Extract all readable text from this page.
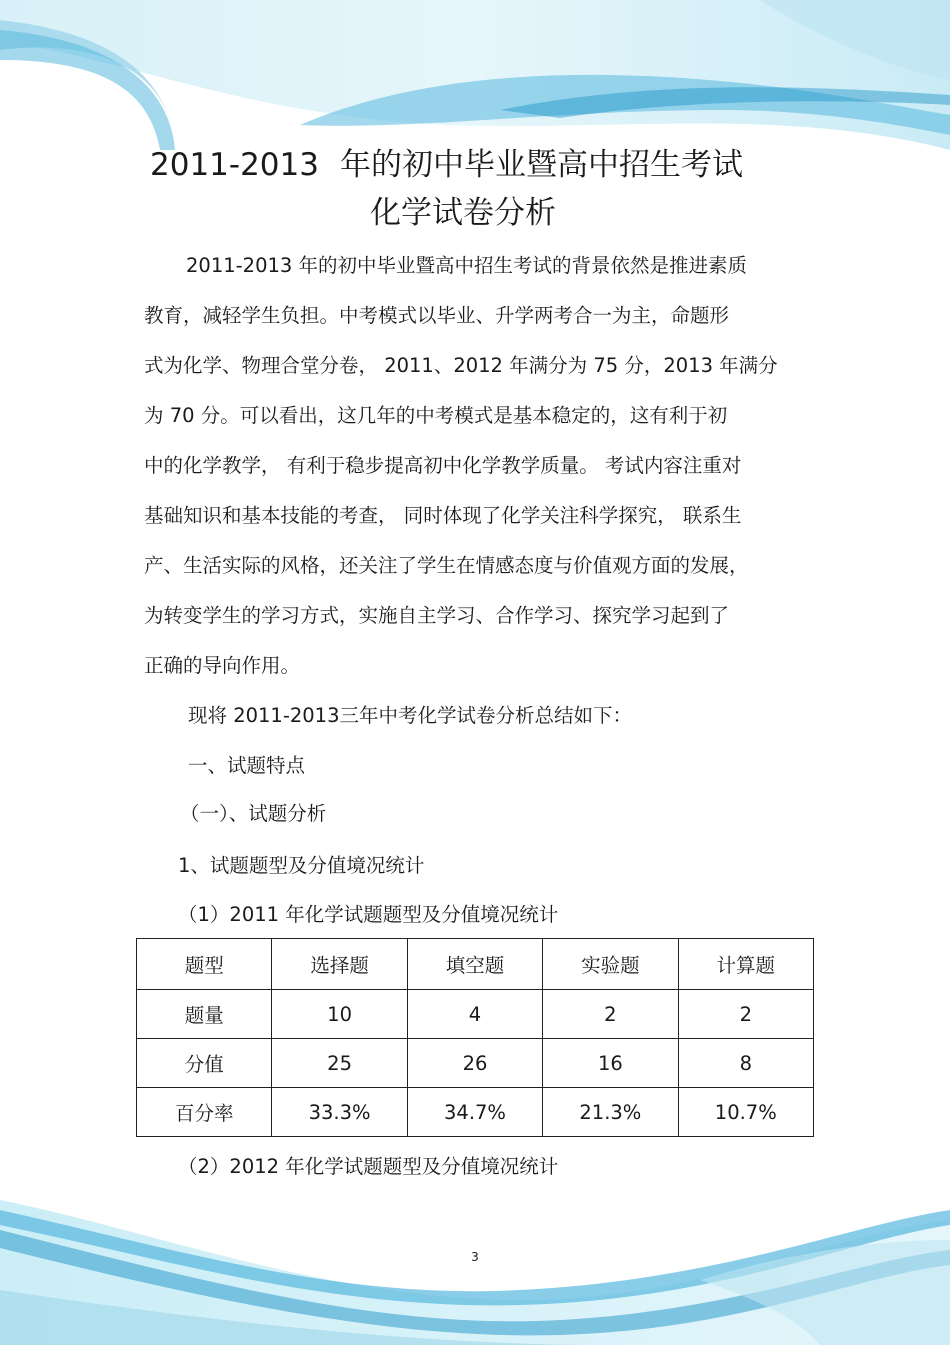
2011-2013 年的初中毕业暨高中招生考试
化学试卷分析
2011-2013 年的初中毕业暨高中招生考试的背景依然是推进素质
教育，减轻学生负担。中考模式以毕业、升学两考合一为主，命题形
式为化学、物理合堂分卷， 2011、2012 年满分为 75 分，2013 年满分
为 70 分。可以看出，这几年的中考模式是基本稳定的，这有利于初
中的化学教学， 有利于稳步提高初中化学教学质量。 考试内容注重对
基础知识和基本技能的考查， 同时体现了化学关注科学探究， 联系生
产、生活实际的风格，还关注了学生在情感态度与价值观方面的发展，
为转变学生的学习方式，实施自主学习、合作学习、探究学习起到了
正确的导向作用。
现将 2011-2013三年中考化学试卷分析总结如下：
一、试题特点
（一）、试题分析
1、试题题型及分值境况统计
（1）2011 年化学试题题型及分值境况统计
题型	选择题	填空题	实验题	计算题
题量	10	4	2	2
分值	25	26	16	8
百分率	33.3%	34.7%	21.3%	10.7%
（2）2012 年化学试题题型及分值境况统计
3
